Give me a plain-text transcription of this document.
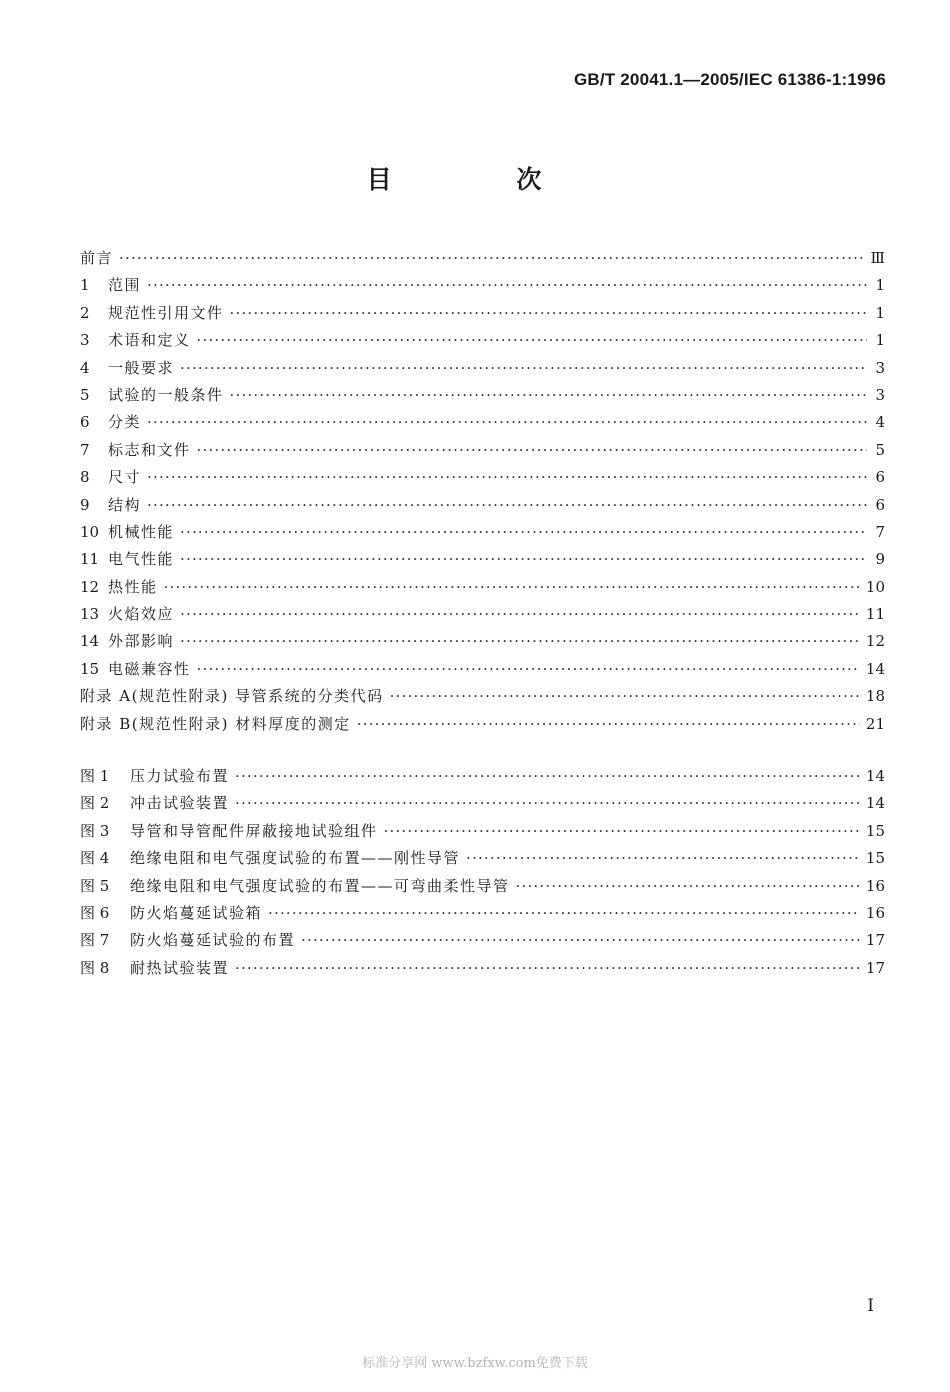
GB/T 20041.1—2005/IEC 61386-1:1996
目 次
前言 ·····	Ⅲ
1	范围 ·····	1
2	规范性引用文件 ·····	1
3	术语和定义 ·····	1
4	一般要求 ·····	3
5	试验的一般条件 ·····	3
6	分类 ·····	4
7	标志和文件 ·····	5
8	尺寸 ·····	6
9	结构 ·····	6
10 机械性能 ·····	7
11 电气性能 ·····	9
12 热性能 ·····	10
13 火焰效应 ·····	11
14 外部影响 ·····	12
15 电磁兼容性 ·····	14
附录 A(规范性附录) 导管系统的分类代码 ·····	18
附录 B(规范性附录) 材料厚度的测定 ·····	21
图 1	压力试验布置 ·····	14
图 2	冲击试验装置 ·····	14
图 3	导管和导管配件屏蔽接地试验组件 ·····	15
图 4	绝缘电阻和电气强度试验的布置——刚性导管 ·····	15
图 5	绝缘电阻和电气强度试验的布置——可弯曲柔性导管 ·····	16
图 6	防火焰蔓延试验箱 ·····	16
图 7	防火焰蔓延试验的布置 ·····	17
图 8	耐热试验装置 ·····	17
I
标准分享网 www.bzfxw.com免费下载
